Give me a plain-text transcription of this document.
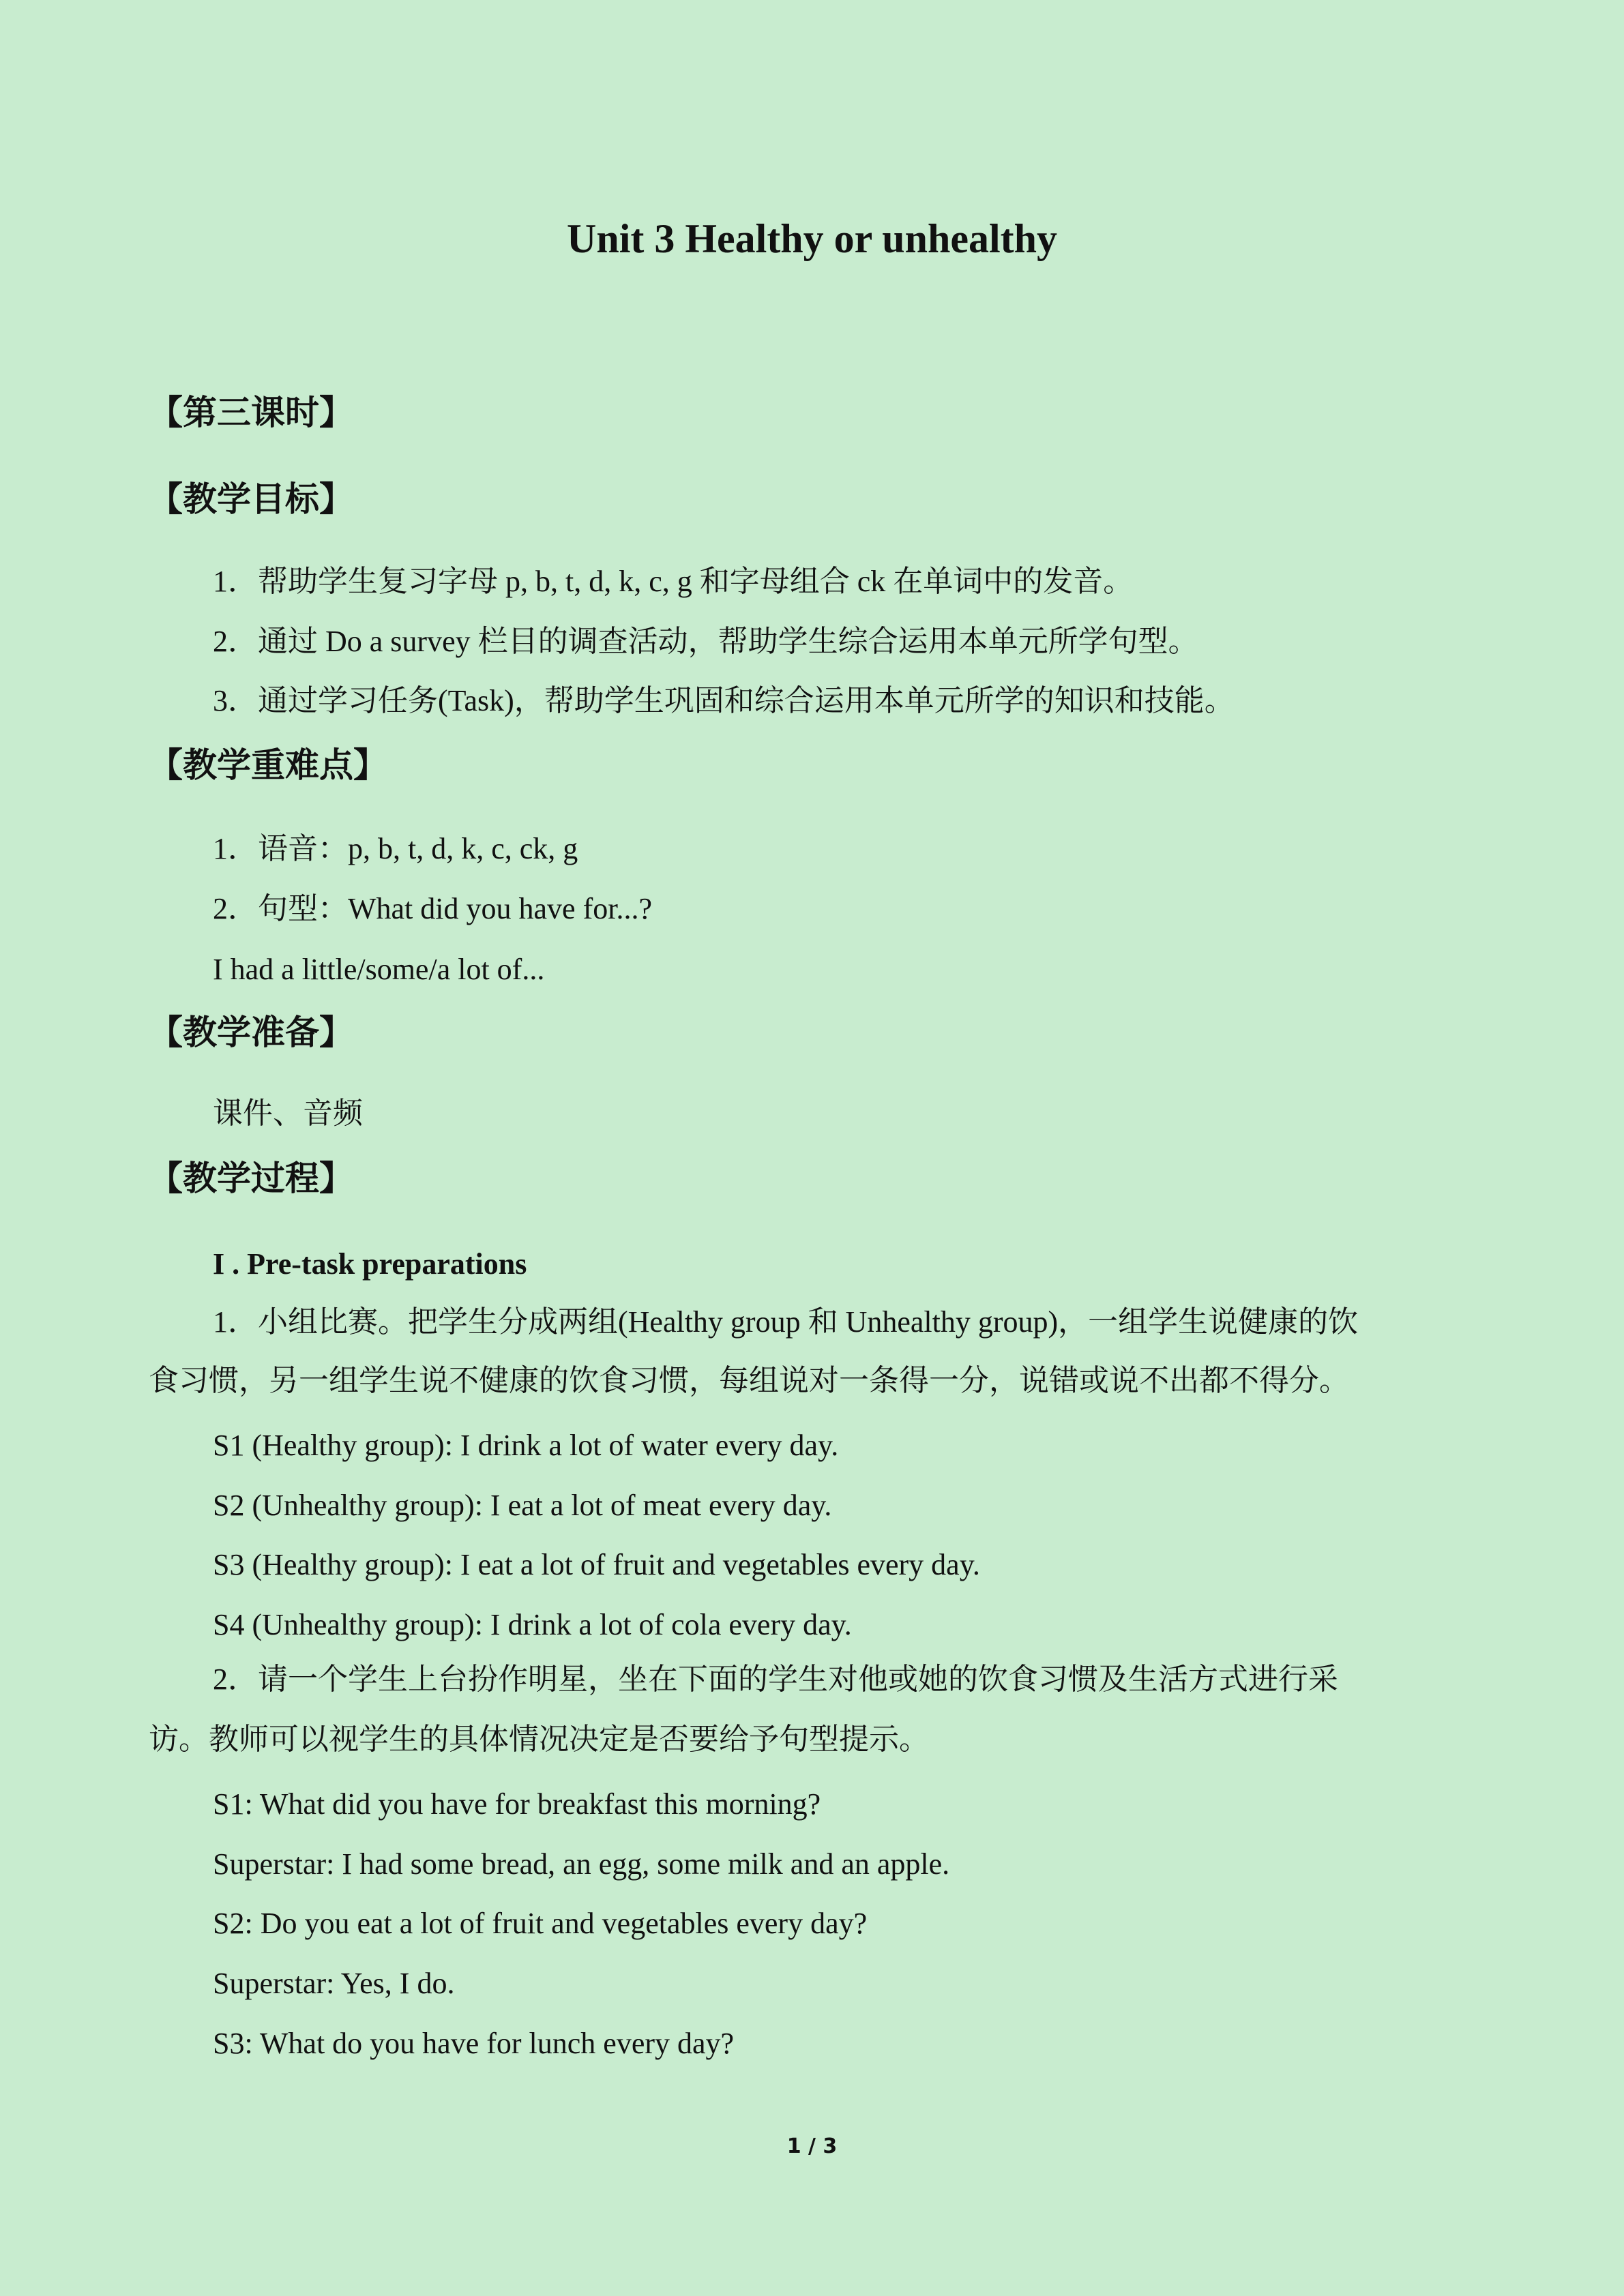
Unit 3 Healthy or unhealthy
【第三课时】
【教学目标】
1．帮助学生复习字母 p, b, t, d, k, c, g 和字母组合 ck 在单词中的发音。
2．通过 Do a survey 栏目的调查活动，帮助学生综合运用本单元所学句型。
3．通过学习任务(Task)，帮助学生巩固和综合运用本单元所学的知识和技能。
【教学重难点】
1．语音：p, b, t, d, k, c, ck, g
2．句型：What did you have for...?
I had a little/some/a lot of...
【教学准备】
课件、音频
【教学过程】
I . Pre-task preparations
1．小组比赛。把学生分成两组(Healthy group 和 Unhealthy group)，一组学生说健康的饮
食习惯，另一组学生说不健康的饮食习惯，每组说对一条得一分，说错或说不出都不得分。
S1 (Healthy group): I drink a lot of water every day.
S2 (Unhealthy group): I eat a lot of meat every day.
S3 (Healthy group): I eat a lot of fruit and vegetables every day.
S4 (Unhealthy group): I drink a lot of cola every day.
2．请一个学生上台扮作明星，坐在下面的学生对他或她的饮食习惯及生活方式进行采
访。教师可以视学生的具体情况决定是否要给予句型提示。
S1: What did you have for breakfast this morning?
Superstar: I had some bread, an egg, some milk and an apple.
S2: Do you eat a lot of fruit and vegetables every day?
Superstar: Yes, I do.
S3: What do you have for lunch every day?
1 / 3
